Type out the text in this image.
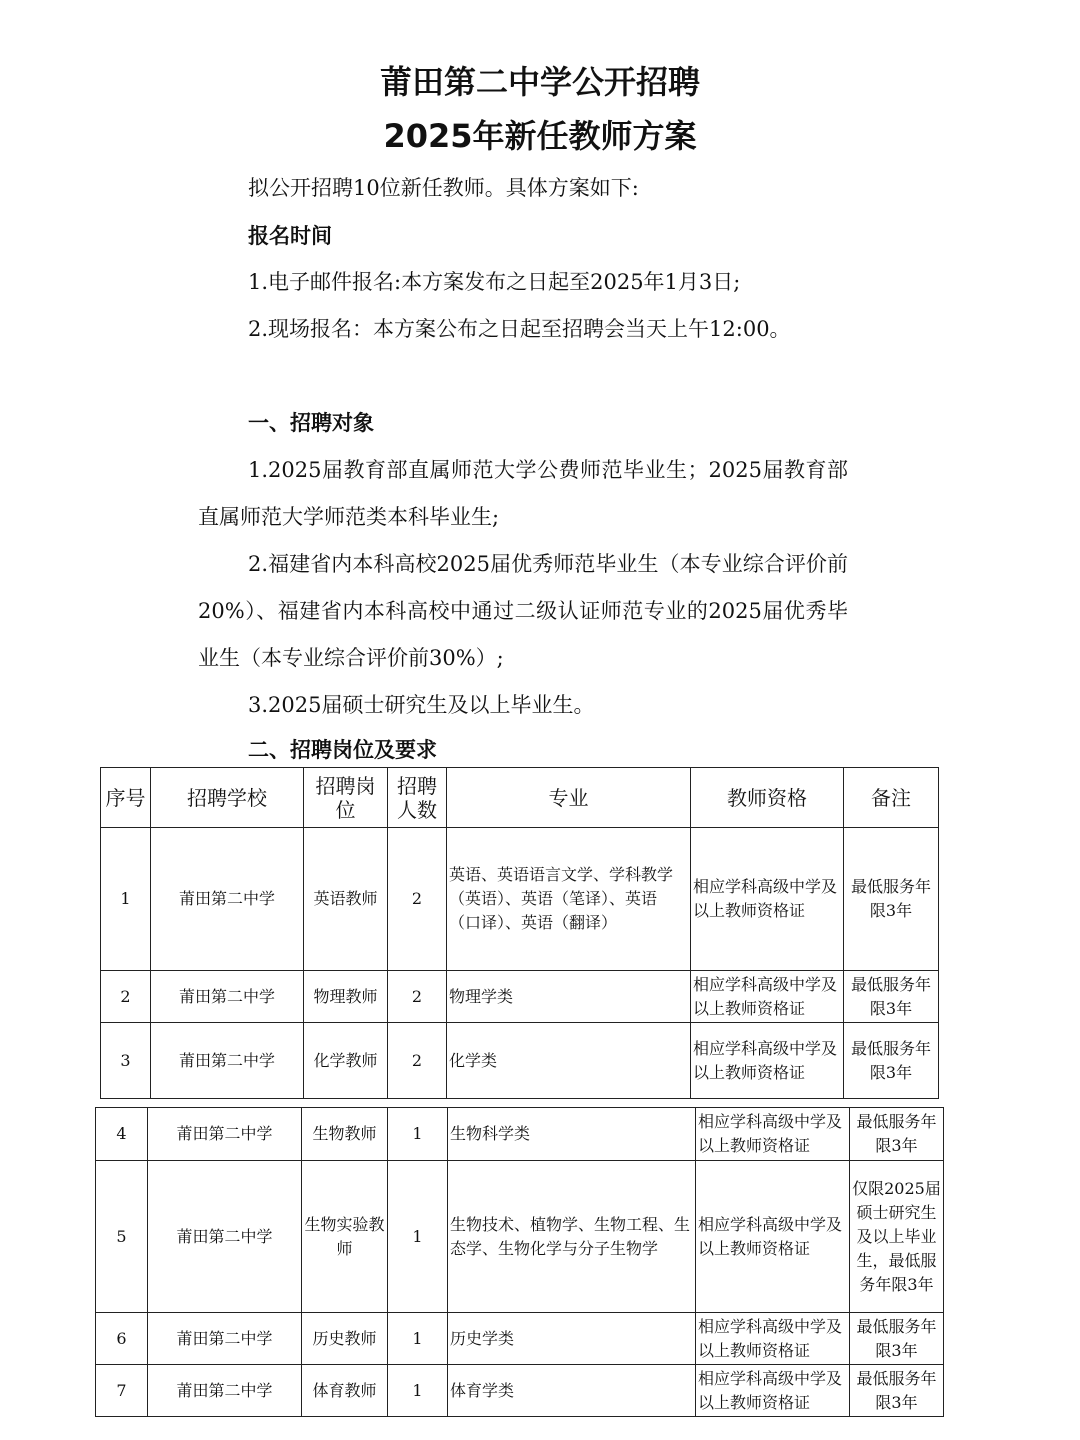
莆田第二中学公开招聘
2025年新任教师方案

拟公开招聘10位新任教师。具体方案如下:

报名时间

1.电子邮件报名:本方案发布之日起至2025年1月3日;

2.现场报名：本方案公布之日起至招聘会当天上午12:00。

一、招聘对象

1.2025届教育部直属师范大学公费师范毕业生；2025届教育部直属师范大学师范类本科毕业生;

2.福建省内本科高校2025届优秀师范毕业生（本专业综合评价前20%）、福建省内本科高校中通过二级认证师范专业的2025届优秀毕业生（本专业综合评价前30%）;

3.2025届硕士研究生及以上毕业生。

二、招聘岗位及要求

序号	招聘学校	招聘岗位	招聘人数	专业	教师资格	备注
1	莆田第二中学	英语教师	2	英语、英语语言文学、学科教学（英语）、英语（笔译）、英语（口译）、英语（翻译）	相应学科高级中学及以上教师资格证	最低服务年限3年
2	莆田第二中学	物理教师	2	物理学类	相应学科高级中学及以上教师资格证	最低服务年限3年
3	莆田第二中学	化学教师	2	化学类	相应学科高级中学及以上教师资格证	最低服务年限3年
4	莆田第二中学	生物教师	1	生物科学类	相应学科高级中学及以上教师资格证	最低服务年限3年
5	莆田第二中学	生物实验教师	1	生物技术、植物学、生物工程、生态学、生物化学与分子生物学	相应学科高级中学及以上教师资格证	仅限2025届硕士研究生及以上毕业生，最低服务年限3年
6	莆田第二中学	历史教师	1	历史学类	相应学科高级中学及以上教师资格证	最低服务年限3年
7	莆田第二中学	体育教师	1	体育学类	相应学科高级中学及以上教师资格证	最低服务年限3年
